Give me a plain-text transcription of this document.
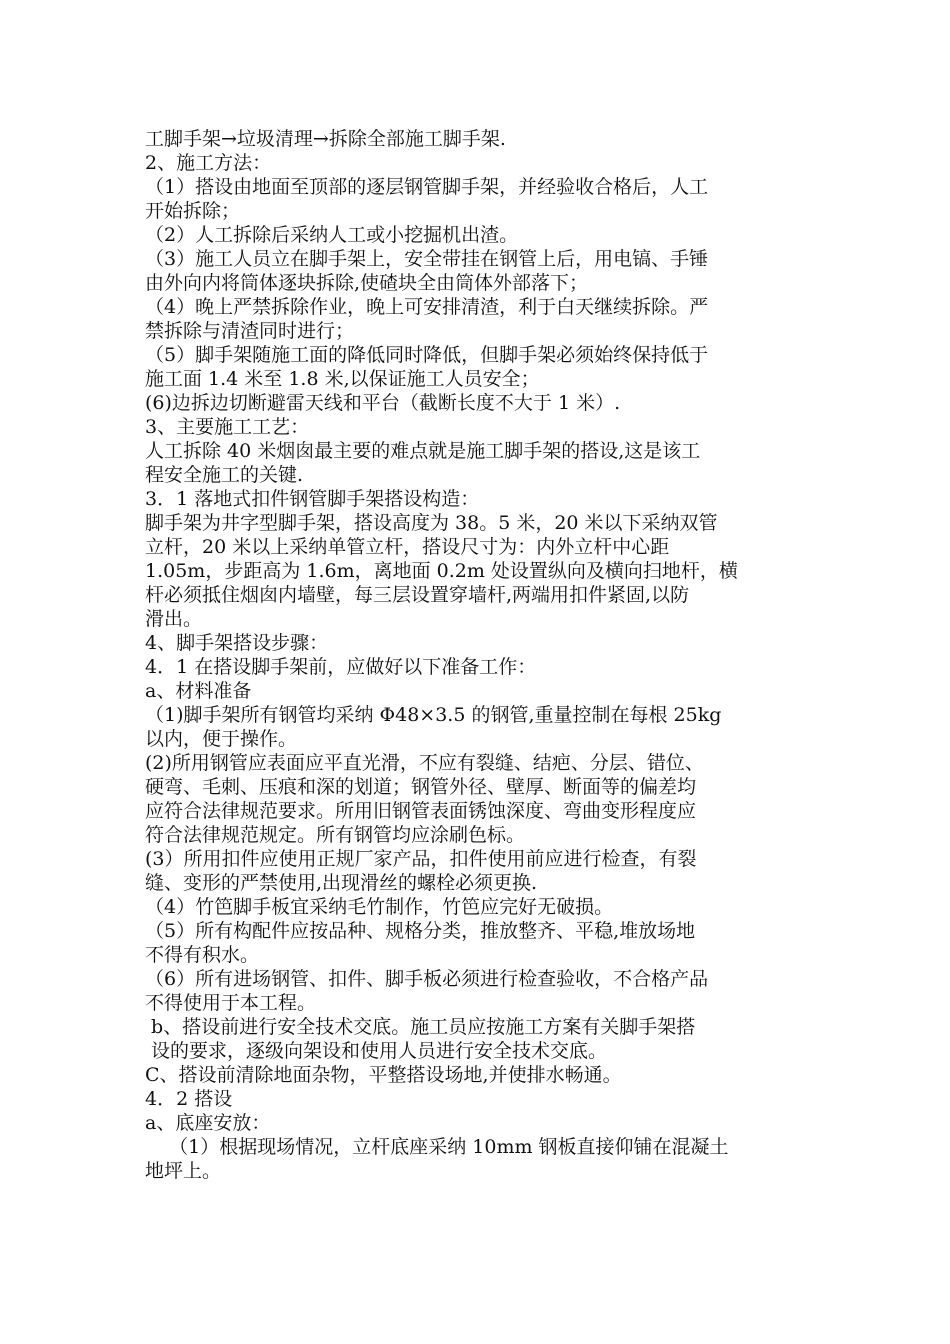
工脚手架→垃圾清理→拆除全部施工脚手架.
2、施工方法：
（1）搭设由地面至顶部的逐层钢管脚手架，并经验收合格后，人工
开始拆除；
（2）人工拆除后采纳人工或小挖掘机出渣。
（3）施工人员立在脚手架上，安全带挂在钢管上后，用电镐、手锤
由外向内将筒体逐块拆除,使碴块全由筒体外部落下；
（4）晚上严禁拆除作业，晚上可安排清渣，利于白天继续拆除。严
禁拆除与清渣同时进行；
（5）脚手架随施工面的降低同时降低，但脚手架必须始终保持低于
施工面 1.4 米至 1.8 米,以保证施工人员安全；
(6)边拆边切断避雷天线和平台（截断长度不大于 1 米）.
3、主要施工工艺：
人工拆除 40 米烟囱最主要的难点就是施工脚手架的搭设,这是该工
程安全施工的关键.
3．1 落地式扣件钢管脚手架搭设构造：
脚手架为井字型脚手架，搭设高度为 38。5 米，20 米以下采纳双管
立杆，20 米以上采纳单管立杆，搭设尺寸为：内外立杆中心距
1.05m，步距高为 1.6m，离地面 0.2m 处设置纵向及横向扫地杆，横
杆必须抵住烟囱内墙壁，每三层设置穿墙杆,两端用扣件紧固,以防
滑出。
4、脚手架搭设步骤：
4．1 在搭设脚手架前，应做好以下准备工作：
a、材料准备
（1)脚手架所有钢管均采纳 Φ48×3.5 的钢管,重量控制在每根 25kg
以内，便于操作。
(2)所用钢管应表面应平直光滑，不应有裂缝、结疤、分层、错位、
硬弯、毛刺、压痕和深的划道；钢管外径、壁厚、断面等的偏差均
应符合法律规范要求。所用旧钢管表面锈蚀深度、弯曲变形程度应
符合法律规范规定。所有钢管均应涂刷色标。
(3）所用扣件应使用正规厂家产品，扣件使用前应进行检查，有裂
缝、变形的严禁使用,出现滑丝的螺栓必须更换.
（4）竹笆脚手板宜采纳毛竹制作，竹笆应完好无破损。
（5）所有构配件应按品种、规格分类，推放整齐、平稳,堆放场地
不得有积水。
（6）所有进场钢管、扣件、脚手板必须进行检查验收，不合格产品
不得使用于本工程。
b、搭设前进行安全技术交底。施工员应按施工方案有关脚手架搭
设的要求，逐级向架设和使用人员进行安全技术交底。
C、搭设前清除地面杂物，平整搭设场地,并使排水畅通。
4．2 搭设
a、底座安放：
（1）根据现场情况，立杆底座采纳 10mm 钢板直接仰铺在混凝土
地坪上。
